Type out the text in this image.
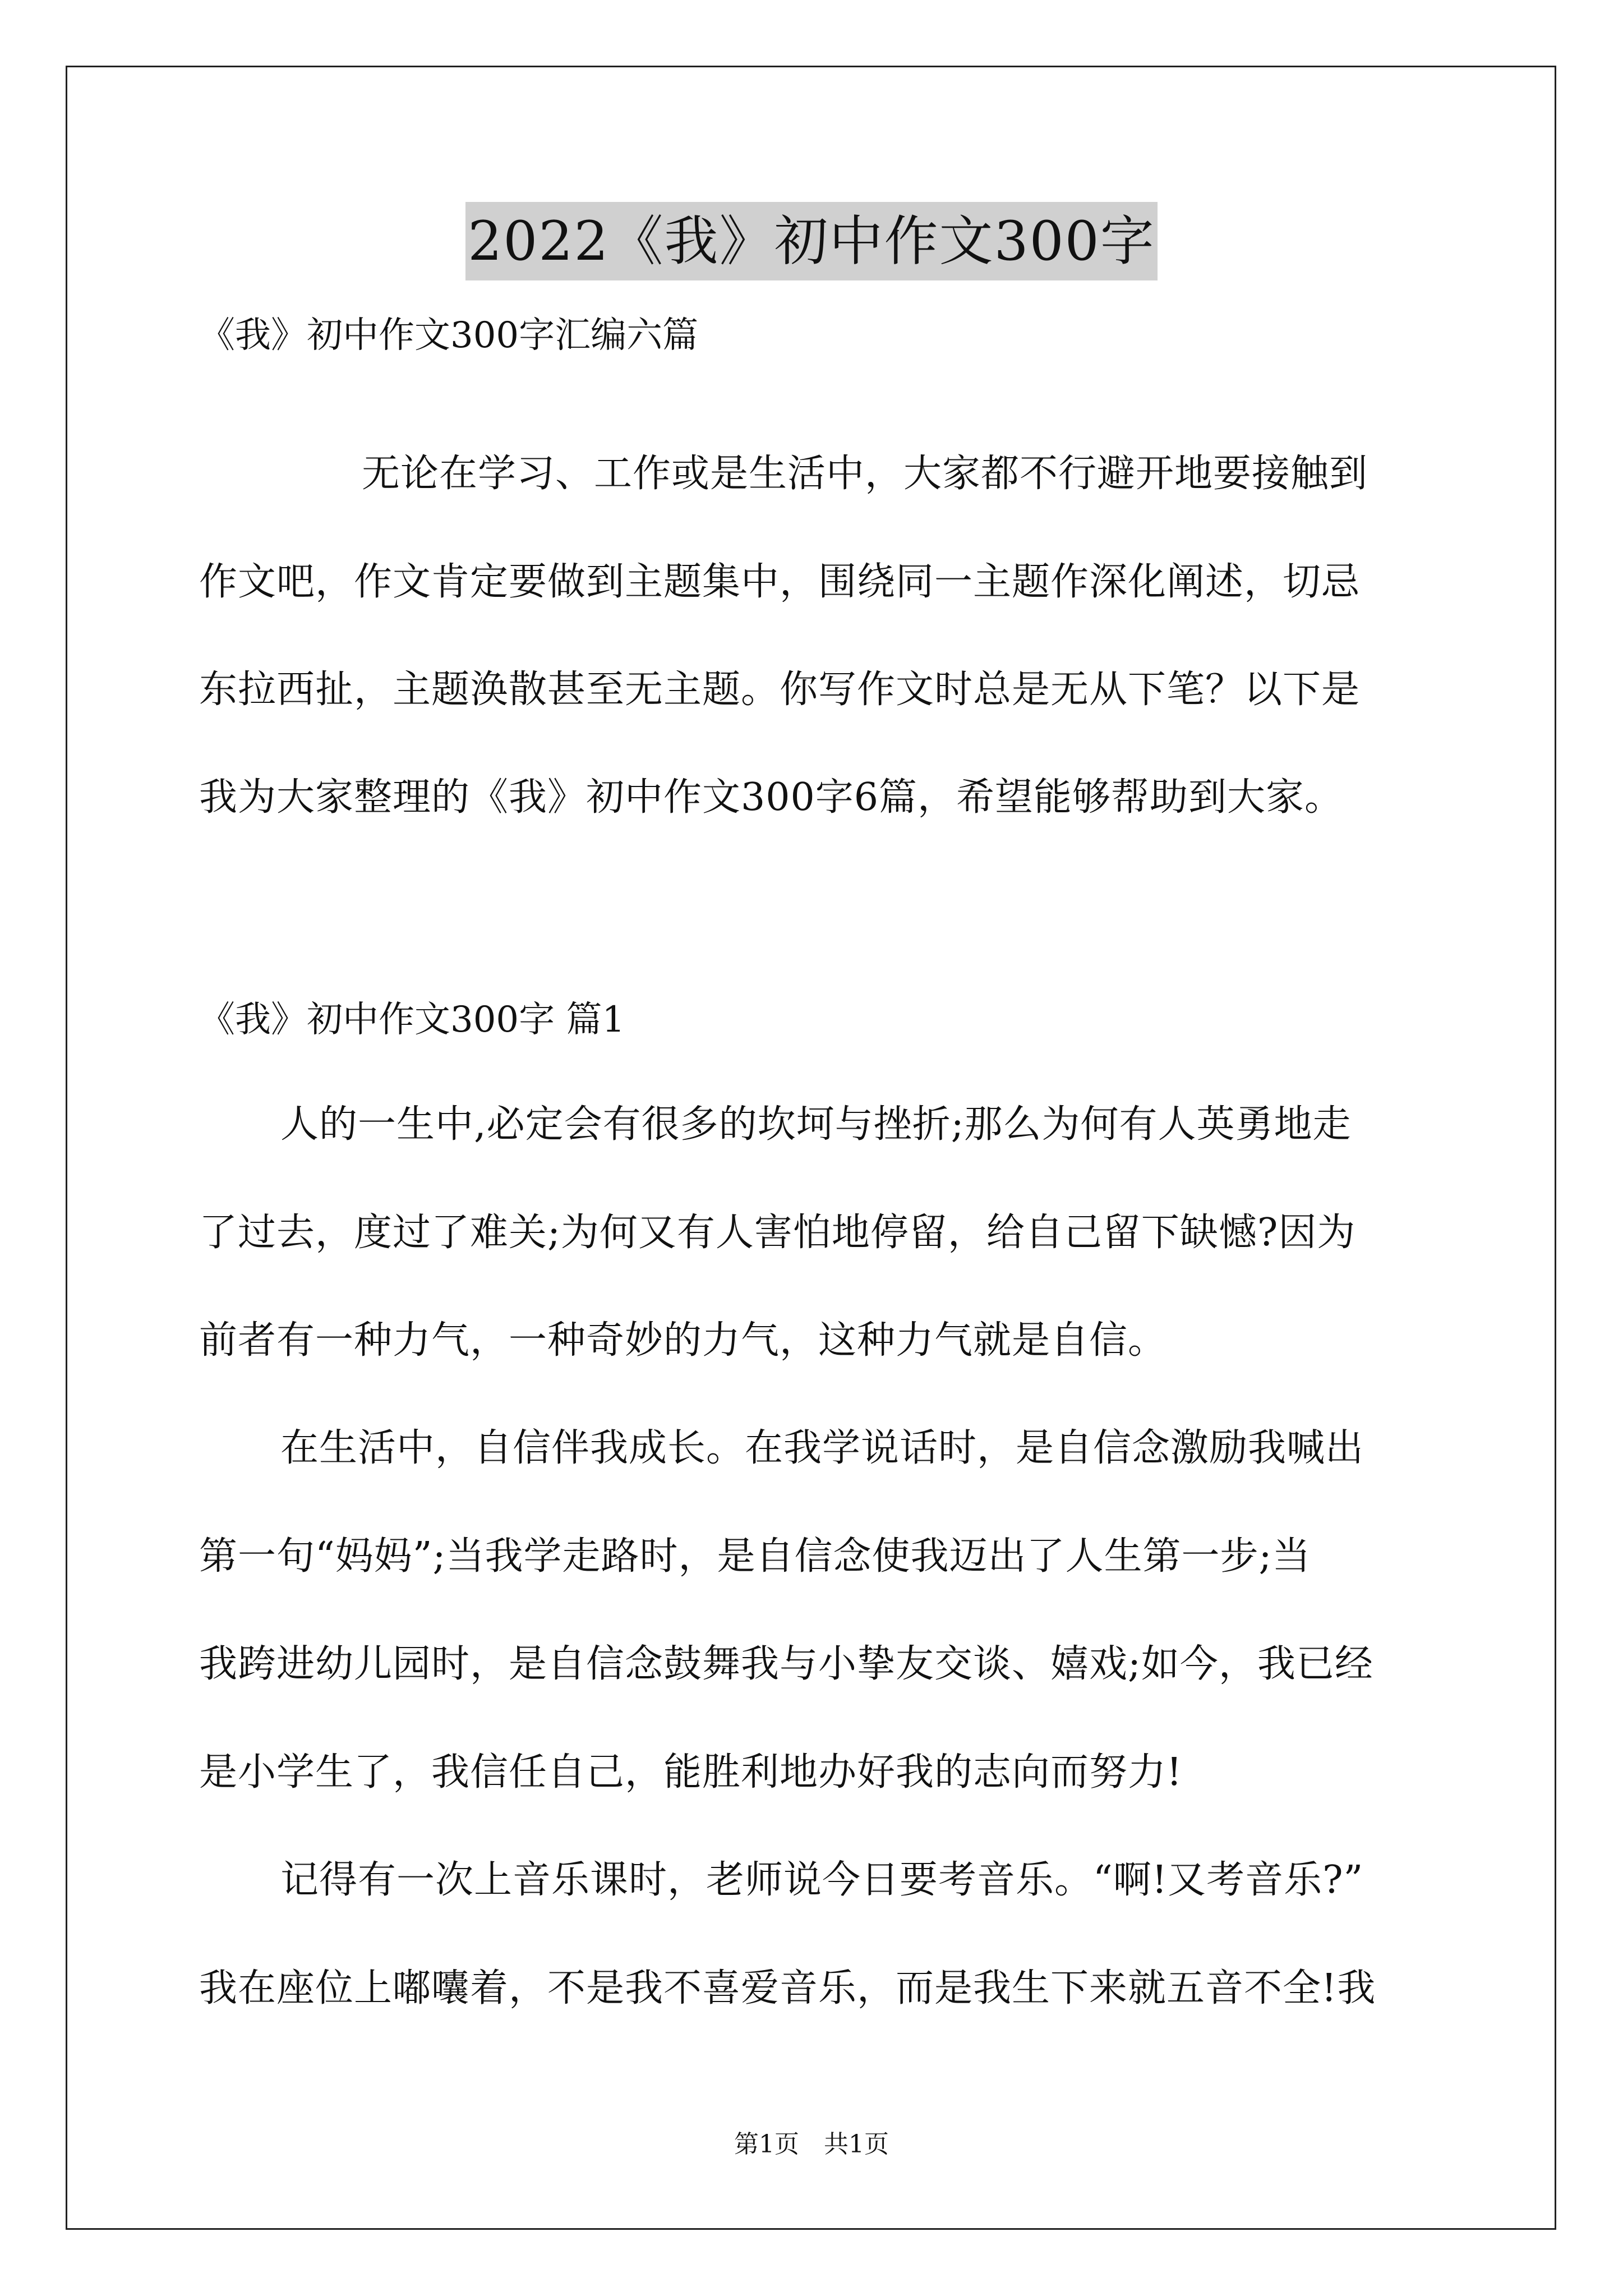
2022《我》初中作文300字
《我》初中作文300字汇编六篇
无论在学习、工作或是生活中，大家都不行避开地要接触到
作文吧，作文肯定要做到主题集中，围绕同一主题作深化阐述，切忌
东拉西扯，主题涣散甚至无主题。你写作文时总是无从下笔？以下是
我为大家整理的《我》初中作文300字6篇，希望能够帮助到大家。
《我》初中作文300字 篇1
人的一生中,必定会有很多的坎坷与挫折;那么为何有人英勇地走
了过去，度过了难关;为何又有人害怕地停留，给自己留下缺憾?因为
前者有一种力气，一种奇妙的力气，这种力气就是自信。
在生活中，自信伴我成长。在我学说话时，是自信念激励我喊出
第一句“妈妈”;当我学走路时，是自信念使我迈出了人生第一步;当
我跨进幼儿园时，是自信念鼓舞我与小挚友交谈、嬉戏;如今，我已经
是小学生了，我信任自己，能胜利地办好我的志向而努力!
记得有一次上音乐课时，老师说今日要考音乐。“啊!又考音乐?”
我在座位上嘟囔着，不是我不喜爱音乐，而是我生下来就五音不全!我
第1页　共1页
